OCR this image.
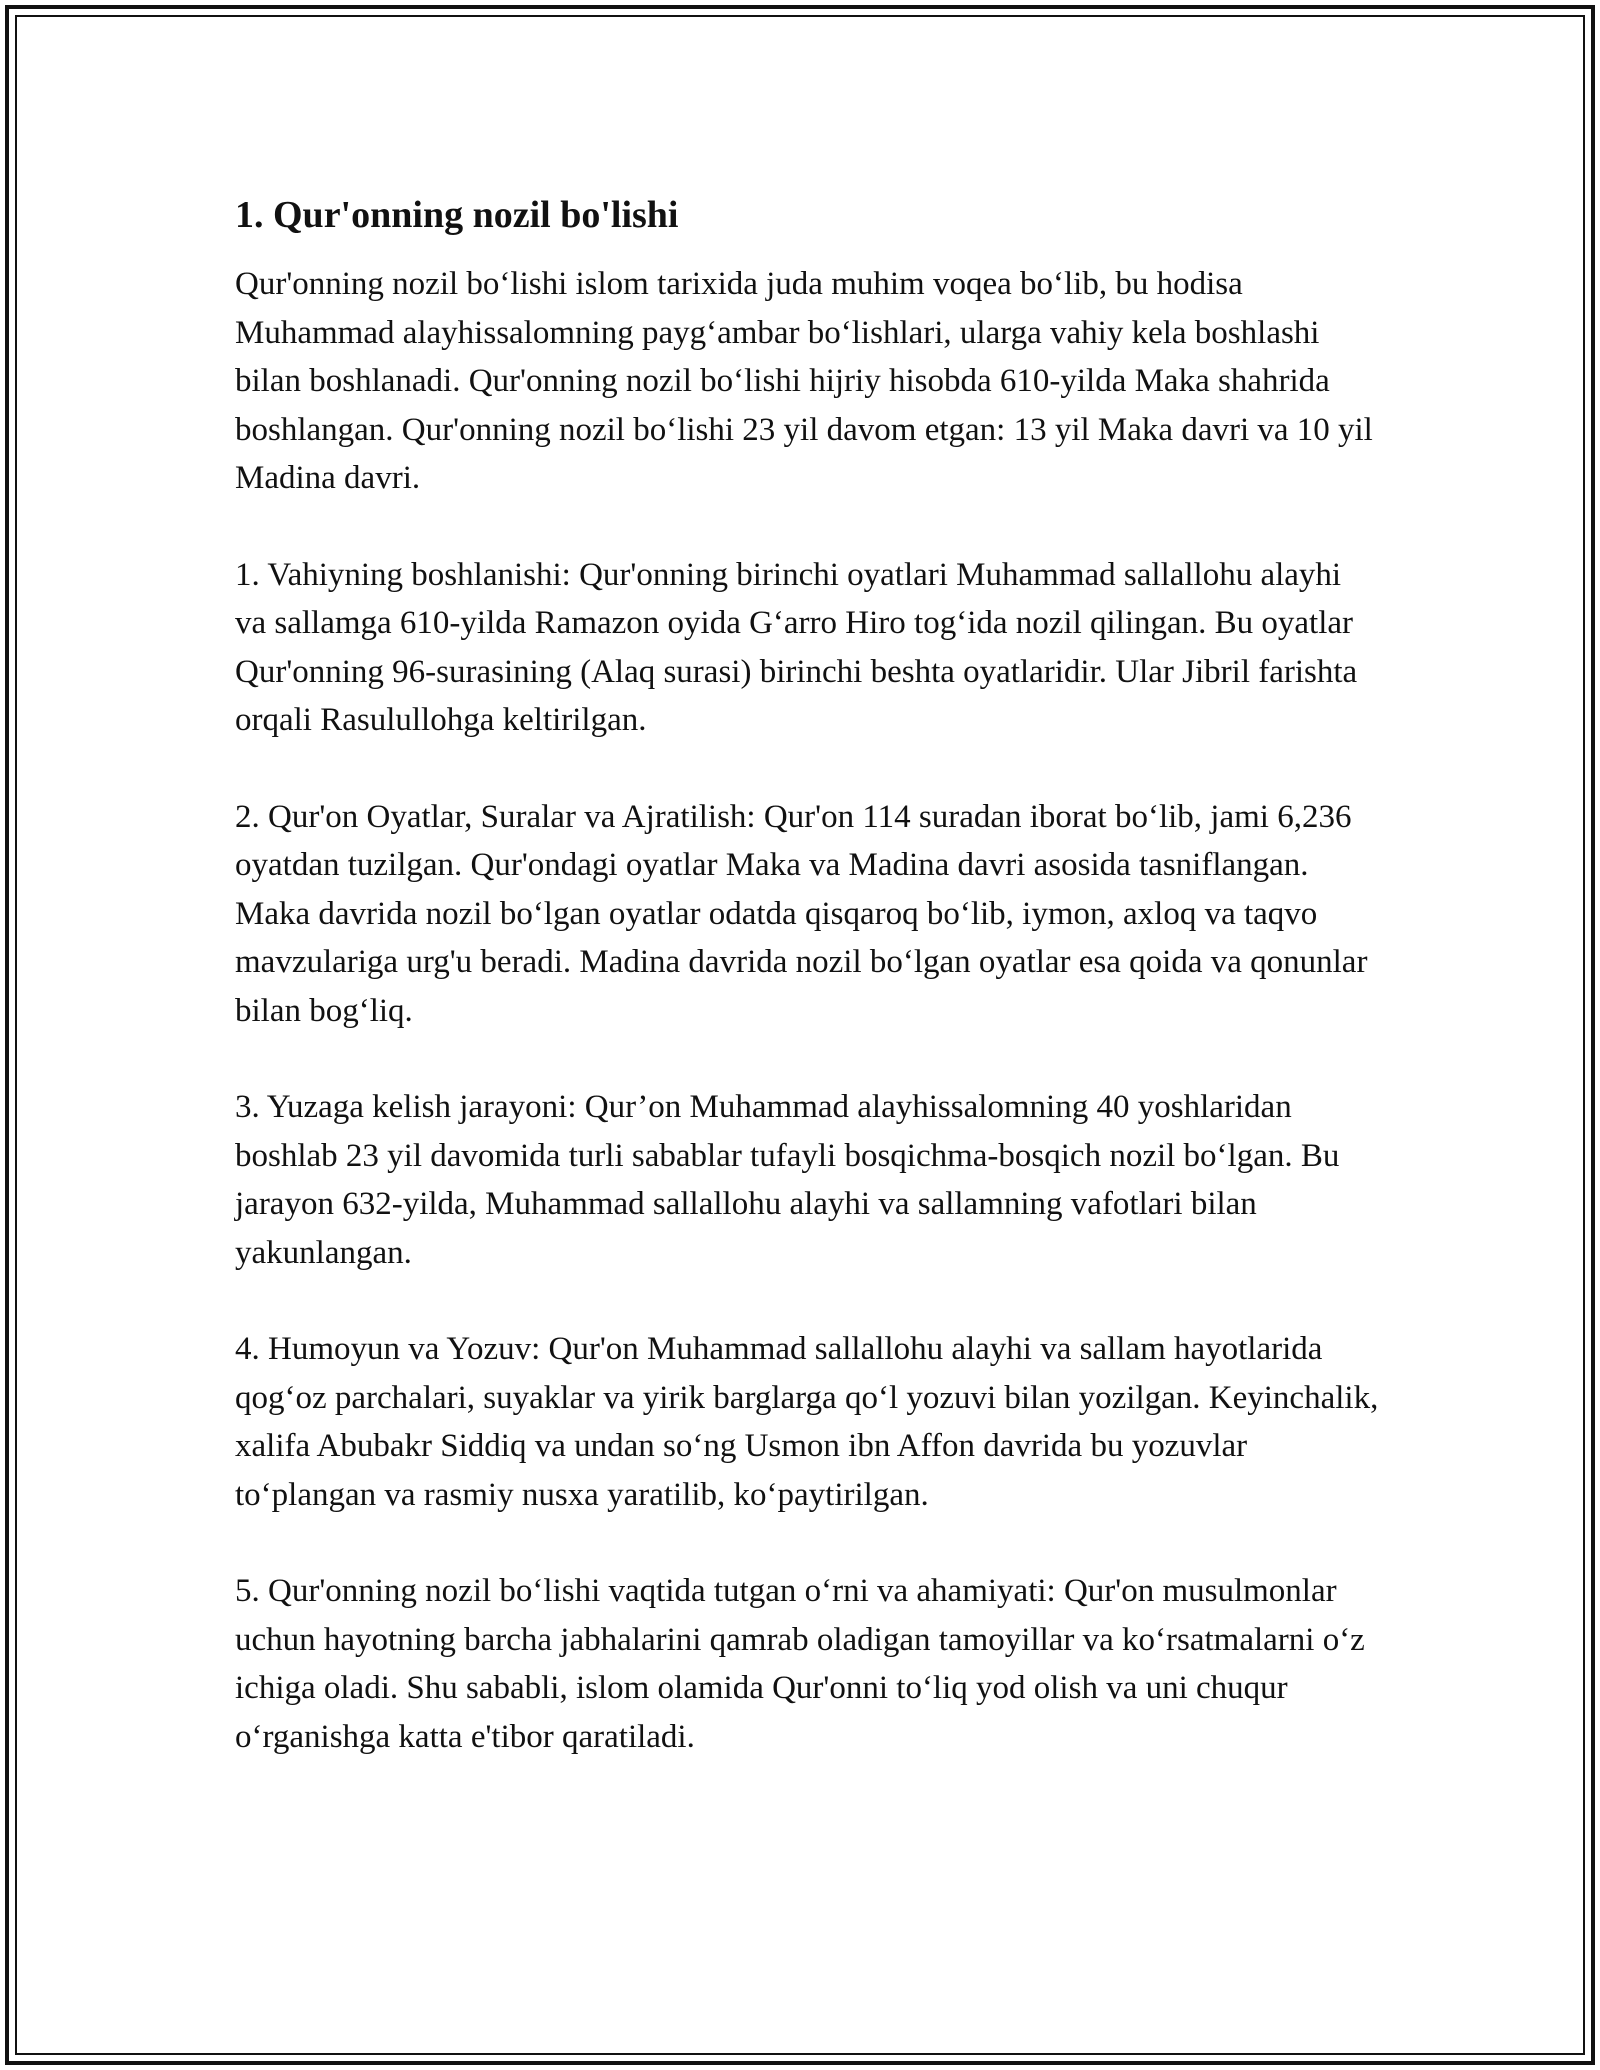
1. Qur'onning nozil bo'lishi

Qur'onning nozil bo‘lishi islom tarixida juda muhim voqea bo‘lib, bu hodisa Muhammad alayhissalomning payg‘ambar bo‘lishlari, ularga vahiy kela boshlashi bilan boshlanadi. Qur'onning nozil bo‘lishi hijriy hisobda 610-yilda Maka shahrida boshlangan. Qur'onning nozil bo‘lishi 23 yil davom etgan: 13 yil Maka davri va 10 yil Madina davri.

1. Vahiyning boshlanishi: Qur'onning birinchi oyatlari Muhammad sallallohu alayhi va sallamga 610-yilda Ramazon oyida G‘arro Hiro tog‘ida nozil qilingan. Bu oyatlar Qur'onning 96-surasining (Alaq surasi) birinchi beshta oyatlaridir. Ular Jibril farishta orqali Rasulullohga keltirilgan.

2. Qur'on Oyatlar, Suralar va Ajratilish: Qur'on 114 suradan iborat bo‘lib, jami 6,236 oyatdan tuzilgan. Qur'ondagi oyatlar Maka va Madina davri asosida tasniflangan. Maka davrida nozil bo‘lgan oyatlar odatda qisqaroq bo‘lib, iymon, axloq va taqvo mavzulariga urg'u beradi. Madina davrida nozil bo‘lgan oyatlar esa qoida va qonunlar bilan bog‘liq.

3. Yuzaga kelish jarayoni: Qur’on Muhammad alayhissalomning 40 yoshlaridan boshlab 23 yil davomida turli sabablar tufayli bosqichma-bosqich nozil bo‘lgan. Bu jarayon 632-yilda, Muhammad sallallohu alayhi va sallamning vafotlari bilan yakunlangan.

4. Humoyun va Yozuv: Qur'on Muhammad sallallohu alayhi va sallam hayotlarida qog‘oz parchalari, suyaklar va yirik barglarga qo‘l yozuvi bilan yozilgan. Keyinchalik, xalifa Abubakr Siddiq va undan so‘ng Usmon ibn Affon davrida bu yozuvlar to‘plangan va rasmiy nusxa yaratilib, ko‘paytirilgan.

5. Qur'onning nozil bo‘lishi vaqtida tutgan o‘rni va ahamiyati: Qur'on musulmonlar uchun hayotning barcha jabhalarini qamrab oladigan tamoyillar va ko‘rsatmalarni o‘z ichiga oladi. Shu sababli, islom olamida Qur'onni to‘liq yod olish va uni chuqur o‘rganishga katta e'tibor qaratiladi.
